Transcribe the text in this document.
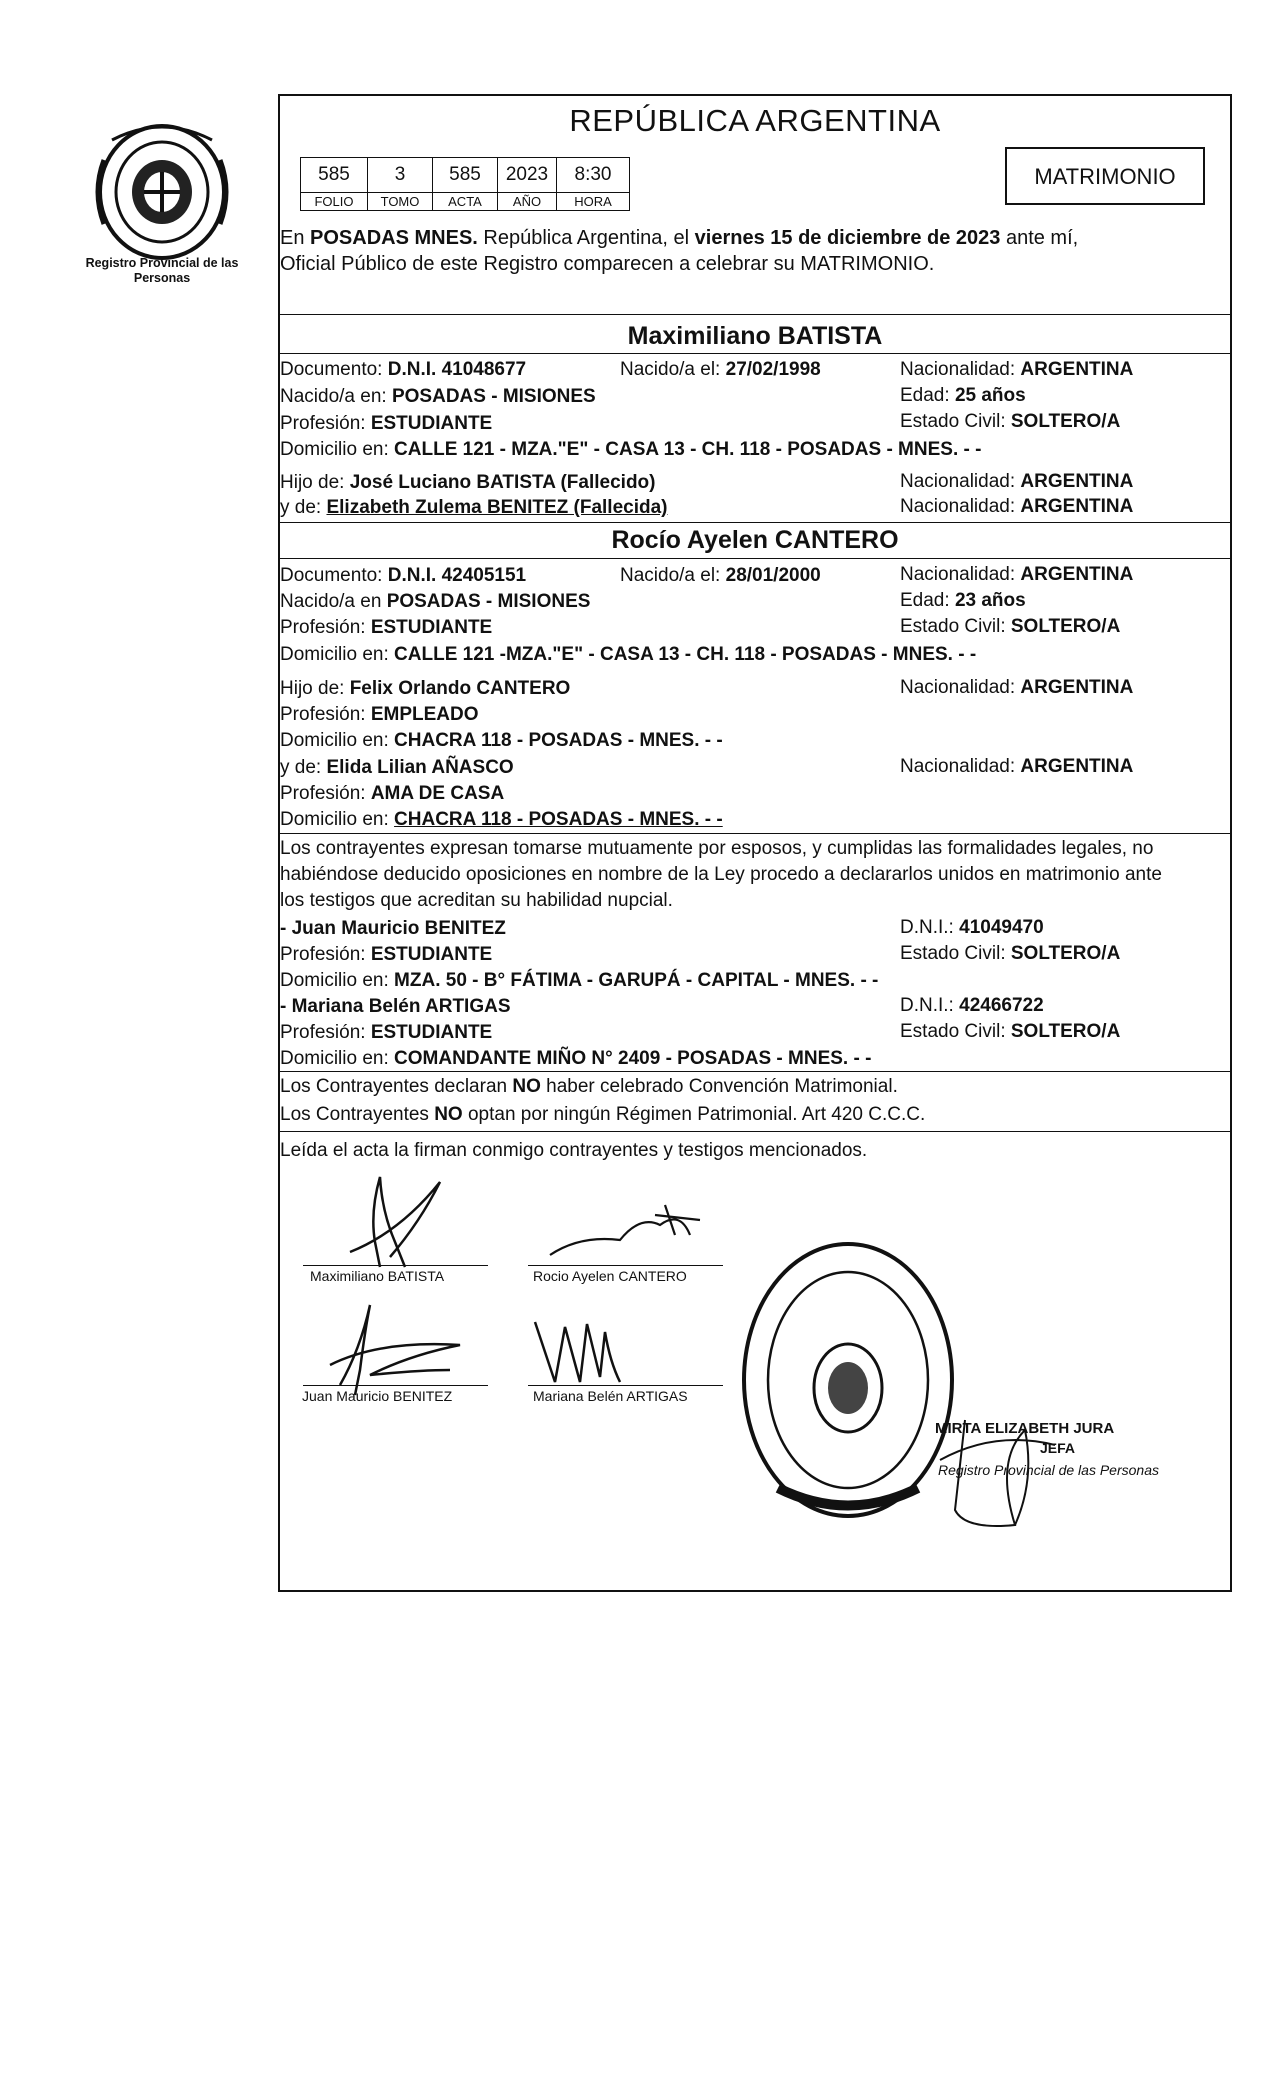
Registro Provincial de las Personas
REPÚBLICA ARGENTINA
585	3	585	2023	8:30
FOLIO	TOMO	ACTA	AÑO	HORA
MATRIMONIO
En POSADAS MNES. República Argentina, el viernes 15 de diciembre de 2023 ante mí,
Oficial Público de este Registro comparecen a celebrar su MATRIMONIO.
Maximiliano BATISTA
Documento: D.N.I. 41048677	Nacido/a el: 27/02/1998	Nacionalidad: ARGENTINA
Nacido/a en: POSADAS - MISIONES	Edad: 25 años
Profesión: ESTUDIANTE	Estado Civil: SOLTERO/A
Domicilio en: CALLE 121 - MZA."E" - CASA 13 - CH. 118 - POSADAS - MNES. - -
Hijo de: José Luciano BATISTA (Fallecido)	Nacionalidad: ARGENTINA
y de: Elizabeth Zulema BENITEZ (Fallecida)	Nacionalidad: ARGENTINA
Rocío Ayelen CANTERO
Documento: D.N.I. 42405151	Nacido/a el: 28/01/2000	Nacionalidad: ARGENTINA
Nacido/a en POSADAS - MISIONES	Edad: 23 años
Profesión: ESTUDIANTE	Estado Civil: SOLTERO/A
Domicilio en: CALLE 121 -MZA."E" - CASA 13 - CH. 118 - POSADAS - MNES. - -
Hijo de: Felix Orlando CANTERO	Nacionalidad: ARGENTINA
Profesión: EMPLEADO
Domicilio en: CHACRA 118 - POSADAS - MNES. - -
y de: Elida Lilian AÑASCO	Nacionalidad: ARGENTINA
Profesión: AMA DE CASA
Domicilio en: CHACRA 118 - POSADAS - MNES. - -
Los contrayentes expresan tomarse mutuamente por esposos, y cumplidas las formalidades legales, no
habiéndose deducido oposiciones en nombre de la Ley procedo a declararlos unidos en matrimonio ante
los testigos que acreditan su habilidad nupcial.
- Juan Mauricio BENITEZ	D.N.I.: 41049470
Profesión: ESTUDIANTE	Estado Civil: SOLTERO/A
Domicilio en: MZA. 50 - B° FÁTIMA - GARUPÁ - CAPITAL - MNES. - -
- Mariana Belén ARTIGAS	D.N.I.: 42466722
Profesión: ESTUDIANTE	Estado Civil: SOLTERO/A
Domicilio en: COMANDANTE MIÑO N° 2409 - POSADAS - MNES. - -
Los Contrayentes declaran NO haber celebrado Convención Matrimonial.
Los Contrayentes NO optan por ningún Régimen Patrimonial. Art 420 C.C.C.
Leída el acta la firman conmigo contrayentes y testigos mencionados.
Maximiliano BATISTA	Rocio Ayelen CANTERO
Juan Mauricio BENITEZ	Mariana Belén ARTIGAS
MIRTA ELIZABETH JURA
JEFA
Registro Provincial de las Personas
